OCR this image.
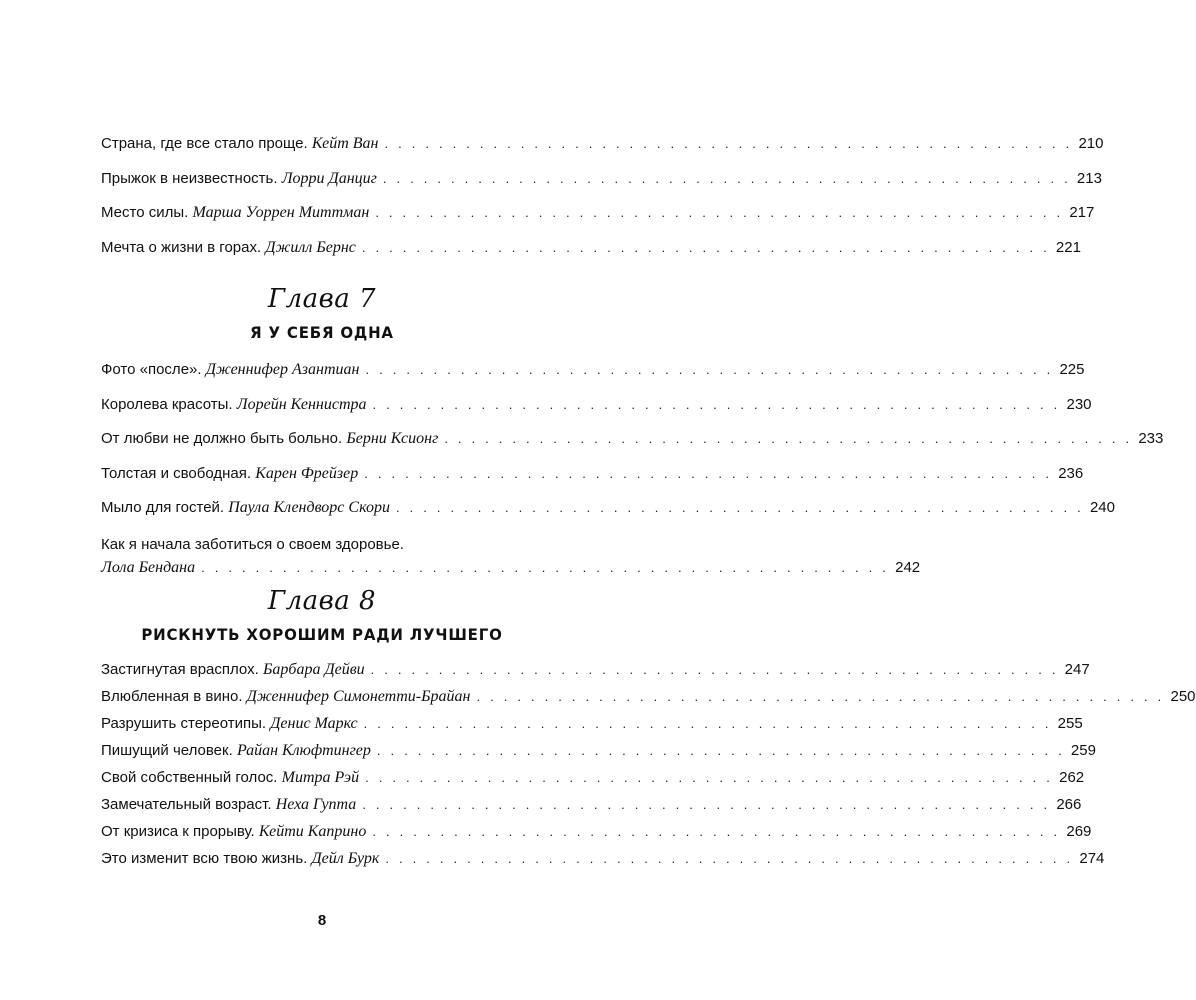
Страна, где все стало проще.
Кейт Ван . . . . . . . . . . . . . . . . . . . . . . . . . . . . . . . . . . . . . . . . . . . . . . . . . . . 210
Прыжок в неизвестность.
Лорри Данциг . . . . . . . . . . . . . . . . . . . . . . . . . . . . . . . . . . . . . . . . . . . . . . . . . . . 213
Место силы.
Марша Уоррен Миттман . . . . . . . . . . . . . . . . . . . . . . . . . . . . . . . . . . . . . . . . . . . . . . . . . . . 217
Мечта о жизни в горах.
Джилл Бернс . . . . . . . . . . . . . . . . . . . . . . . . . . . . . . . . . . . . . . . . . . . . . . . . . . . 221
Глава 7
Я У СЕБЯ ОДНА
Фото «после».
Дженнифер Азантиан . . . . . . . . . . . . . . . . . . . . . . . . . . . . . . . . . . . . . . . . . . . . . . . . . . . 225
Королева красоты.
Лорейн Кеннистра . . . . . . . . . . . . . . . . . . . . . . . . . . . . . . . . . . . . . . . . . . . . . . . . . . . 230
От любви не должно быть больно.
Берни Ксионг . . . . . . . . . . . . . . . . . . . . . . . . . . . . . . . . . . . . . . . . . . . . . . . . . . . 233
Толстая и свободная.
Карен Фрейзер . . . . . . . . . . . . . . . . . . . . . . . . . . . . . . . . . . . . . . . . . . . . . . . . . . . 236
Мыло для гостей.
Паула Клендворс Скори . . . . . . . . . . . . . . . . . . . . . . . . . . . . . . . . . . . . . . . . . . . . . . . . . . . 240
Как я начала заботиться о своем здоровье.
Лола Бендана . . . . . . . . . . . . . . . . . . . . . . . . . . . . . . . . . . . . . . . . . . . . . . . . . . . 242
Глава 8
РИСКНУТЬ ХОРОШИМ РАДИ ЛУЧШЕГО
Застигнутая врасплох.
Барбара Дейви . . . . . . . . . . . . . . . . . . . . . . . . . . . . . . . . . . . . . . . . . . . . . . . . . . . 247
Влюбленная в вино.
Дженнифер Симонетти-Брайан . . . . . . . . . . . . . . . . . . . . . . . . . . . . . . . . . . . . . . . . . . . . . . . . . . . 250
Разрушить стереотипы.
Денис Маркс . . . . . . . . . . . . . . . . . . . . . . . . . . . . . . . . . . . . . . . . . . . . . . . . . . . 255
Пишущий человек.
Райан Клюфтингер . . . . . . . . . . . . . . . . . . . . . . . . . . . . . . . . . . . . . . . . . . . . . . . . . . . 259
Свой собственный голос.
Митра Рэй . . . . . . . . . . . . . . . . . . . . . . . . . . . . . . . . . . . . . . . . . . . . . . . . . . . 262
Замечательный возраст.
Неха Гупта . . . . . . . . . . . . . . . . . . . . . . . . . . . . . . . . . . . . . . . . . . . . . . . . . . . 266
От кризиса к прорыву.
Кейти Каприно . . . . . . . . . . . . . . . . . . . . . . . . . . . . . . . . . . . . . . . . . . . . . . . . . . . 269
Это изменит всю твою жизнь.
Дейл Бурк . . . . . . . . . . . . . . . . . . . . . . . . . . . . . . . . . . . . . . . . . . . . . . . . . . . 274
8
